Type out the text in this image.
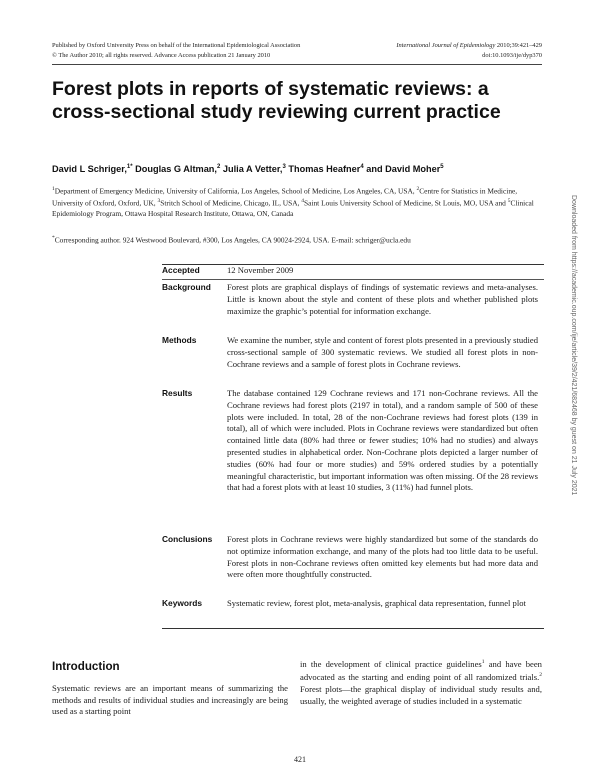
Published by Oxford University Press on behalf of the International Epidemiological Association
© The Author 2010; all rights reserved. Advance Access publication 21 January 2010
International Journal of Epidemiology 2010;39:421–429
doi:10.1093/ije/dyp370
Forest plots in reports of systematic reviews: a cross-sectional study reviewing current practice
David L Schriger,$^{1*}$ Douglas G Altman,$^2$ Julia A Vetter,$^3$ Thomas Heafner$^4$ and David Moher$^5$
$^1$Department of Emergency Medicine, University of California, Los Angeles, School of Medicine, Los Angeles, CA, USA, $^2$Centre for Statistics in Medicine, University of Oxford, Oxford, UK, $^3$Stritch School of Medicine, Chicago, IL, USA, $^4$Saint Louis University School of Medicine, St Louis, MO, USA and $^5$Clinical Epidemiology Program, Ottawa Hospital Research Institute, Ottawa, ON, Canada
*Corresponding author. 924 Westwood Boulevard, #300, Los Angeles, CA 90024-2924, USA. E-mail: schriger@ucla.edu
Accepted	12 November 2009
Background	Forest plots are graphical displays of findings of systematic reviews and meta-analyses. Little is known about the style and content of these plots and whether published plots maximize the graphic’s potential for information exchange.
Methods	We examine the number, style and content of forest plots presented in a previously studied cross-sectional sample of 300 systematic reviews. We studied all forest plots in non-Cochrane reviews and a sample of forest plots in Cochrane reviews.
Results	The database contained 129 Cochrane reviews and 171 non-Cochrane reviews. All the Cochrane reviews had forest plots (2197 in total), and a random sample of 500 of these plots were included. In total, 28 of the non-Cochrane reviews had forest plots (139 in total), all of which were included. Plots in Cochrane reviews were standardized but often contained little data (80% had three or fewer studies; 10% had no studies) and always presented studies in alphabetical order. Non-Cochrane plots depicted a larger number of studies (60% had four or more studies) and 59% ordered studies by a potentially meaningful characteristic, but important information was often missing. Of the 28 reviews that had a forest plots with at least 10 studies, 3 (11%) had funnel plots.
Conclusions	Forest plots in Cochrane reviews were highly standardized but some of the standards do not optimize information exchange, and many of the plots had too little data to be useful. Forest plots in non-Cochrane reviews often omitted key elements but had more data and were often more thoughtfully constructed.
Keywords	Systematic review, forest plot, meta-analysis, graphical data representation, funnel plot
Introduction
Systematic reviews are an important means of summarizing the methods and results of individual studies and increasingly are being used as a starting point
in the development of clinical practice guidelines$^1$ and have been advocated as the starting and ending point of all randomized trials.$^2$ Forest plots—the graphical display of individual study results and, usually, the weighted average of studies included in a systematic
421
Downloaded from https://academic.oup.com/ije/article/39/2/421/682468 by guest on 21 July 2021
